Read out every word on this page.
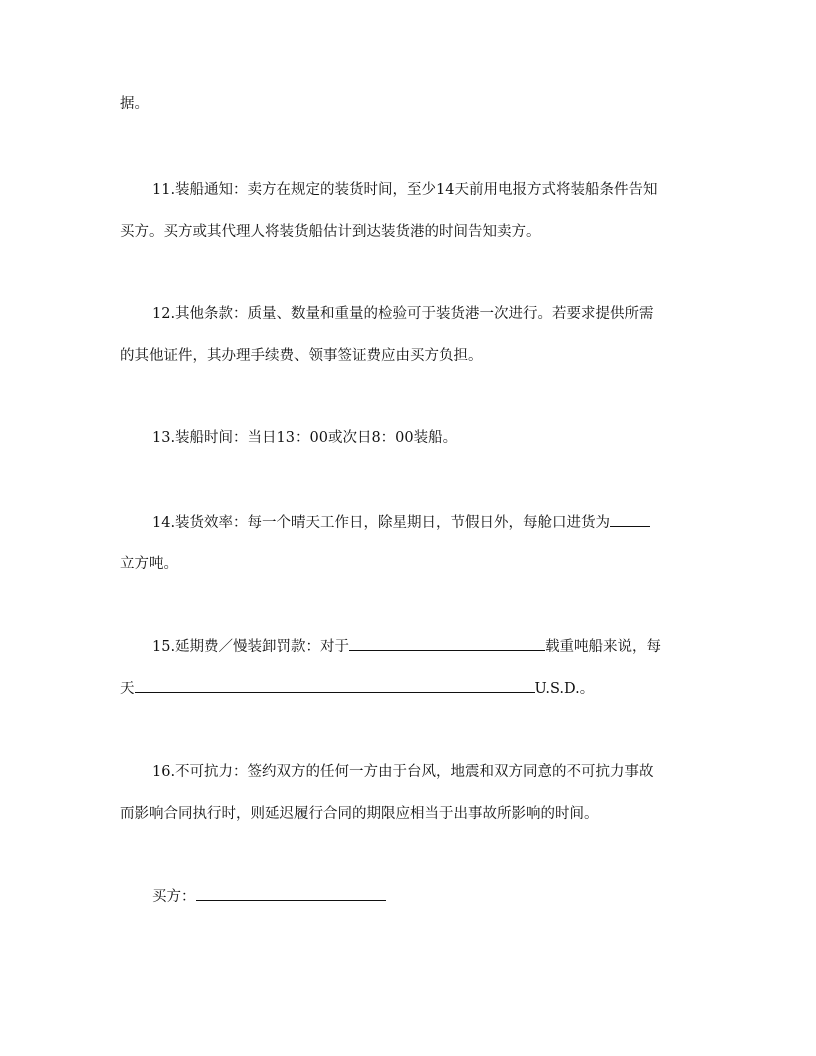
据。
11.装船通知：卖方在规定的装货时间，至少14天前用电报方式将装船条件告知
买方。买方或其代理人将装货船估计到达装货港的时间告知卖方。
12.其他条款：质量、数量和重量的检验可于装货港一次进行。若要求提供所需
的其他证件，其办理手续费、领事签证费应由买方负担。
13.装船时间：当日13：00或次日8：00装船。
14.装货效率：每一个晴天工作日，除星期日，节假日外，每舱口进货为
立方吨。
15.延期费／慢装卸罚款：对于	载重吨船来说，每
天	U.S.D.。
16.不可抗力：签约双方的任何一方由于台风，地震和双方同意的不可抗力事故
而影响合同执行时，则延迟履行合同的期限应相当于出事故所影响的时间。
买方：
